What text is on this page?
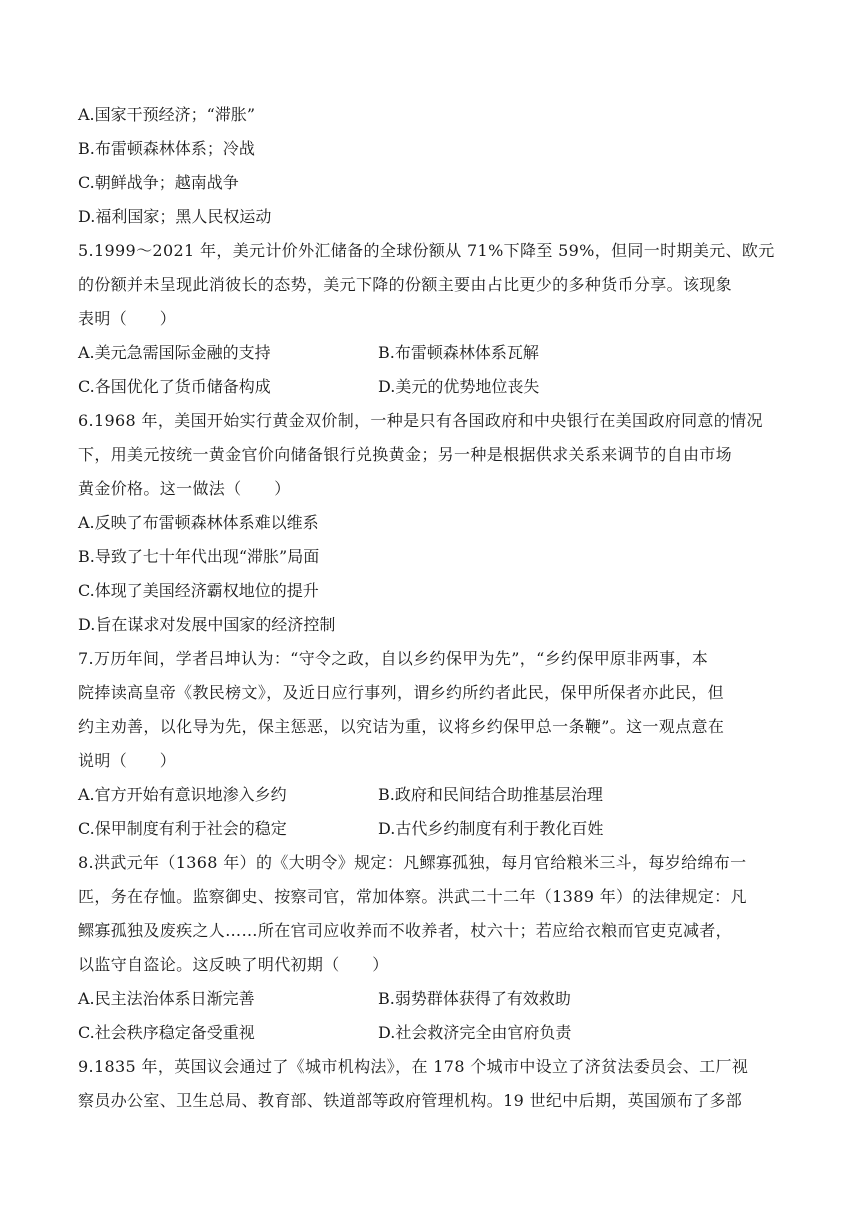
A.国家干预经济；“滞胀”
B.布雷顿森林体系；冷战
C.朝鲜战争；越南战争
D.福利国家；黑人民权运动
5.1999～2021 年，美元计价外汇储备的全球份额从 71%下降至 59%，但同一时期美元、欧元
的份额并未呈现此消彼长的态势，美元下降的份额主要由占比更少的多种货币分享。该现象
表明（　　）
A.美元急需国际金融的支持	B.布雷顿森林体系瓦解
C.各国优化了货币储备构成	D.美元的优势地位丧失
6.1968 年，美国开始实行黄金双价制，一种是只有各国政府和中央银行在美国政府同意的情况
下，用美元按统一黄金官价向储备银行兑换黄金；另一种是根据供求关系来调节的自由市场
黄金价格。这一做法（　　）
A.反映了布雷顿森林体系难以维系
B.导致了七十年代出现“滞胀”局面
C.体现了美国经济霸权地位的提升
D.旨在谋求对发展中国家的经济控制
7.万历年间，学者吕坤认为：“守令之政，自以乡约保甲为先”，“乡约保甲原非两事，本
院捧读高皇帝《教民榜文》，及近日应行事列，谓乡约所约者此民，保甲所保者亦此民，但
约主劝善，以化导为先，保主惩恶，以究诘为重，议将乡约保甲总一条鞭”。这一观点意在
说明（　　）
A.官方开始有意识地渗入乡约	B.政府和民间结合助推基层治理
C.保甲制度有利于社会的稳定	D.古代乡约制度有利于教化百姓
8.洪武元年（1368 年）的《大明令》规定：凡鳏寡孤独，每月官给粮米三斗，每岁给绵布一
匹，务在存恤。监察御史、按察司官，常加体察。洪武二十二年（1389 年）的法律规定：凡
鳏寡孤独及废疾之人……所在官司应收养而不收养者，杖六十；若应给衣粮而官吏克减者，
以监守自盗论。这反映了明代初期（　　）
A.民主法治体系日渐完善	B.弱势群体获得了有效救助
C.社会秩序稳定备受重视	D.社会救济完全由官府负责
9.1835 年，英国议会通过了《城市机构法》，在 178 个城市中设立了济贫法委员会、工厂视
察员办公室、卫生总局、教育部、铁道部等政府管理机构。19 世纪中后期，英国颁布了多部
